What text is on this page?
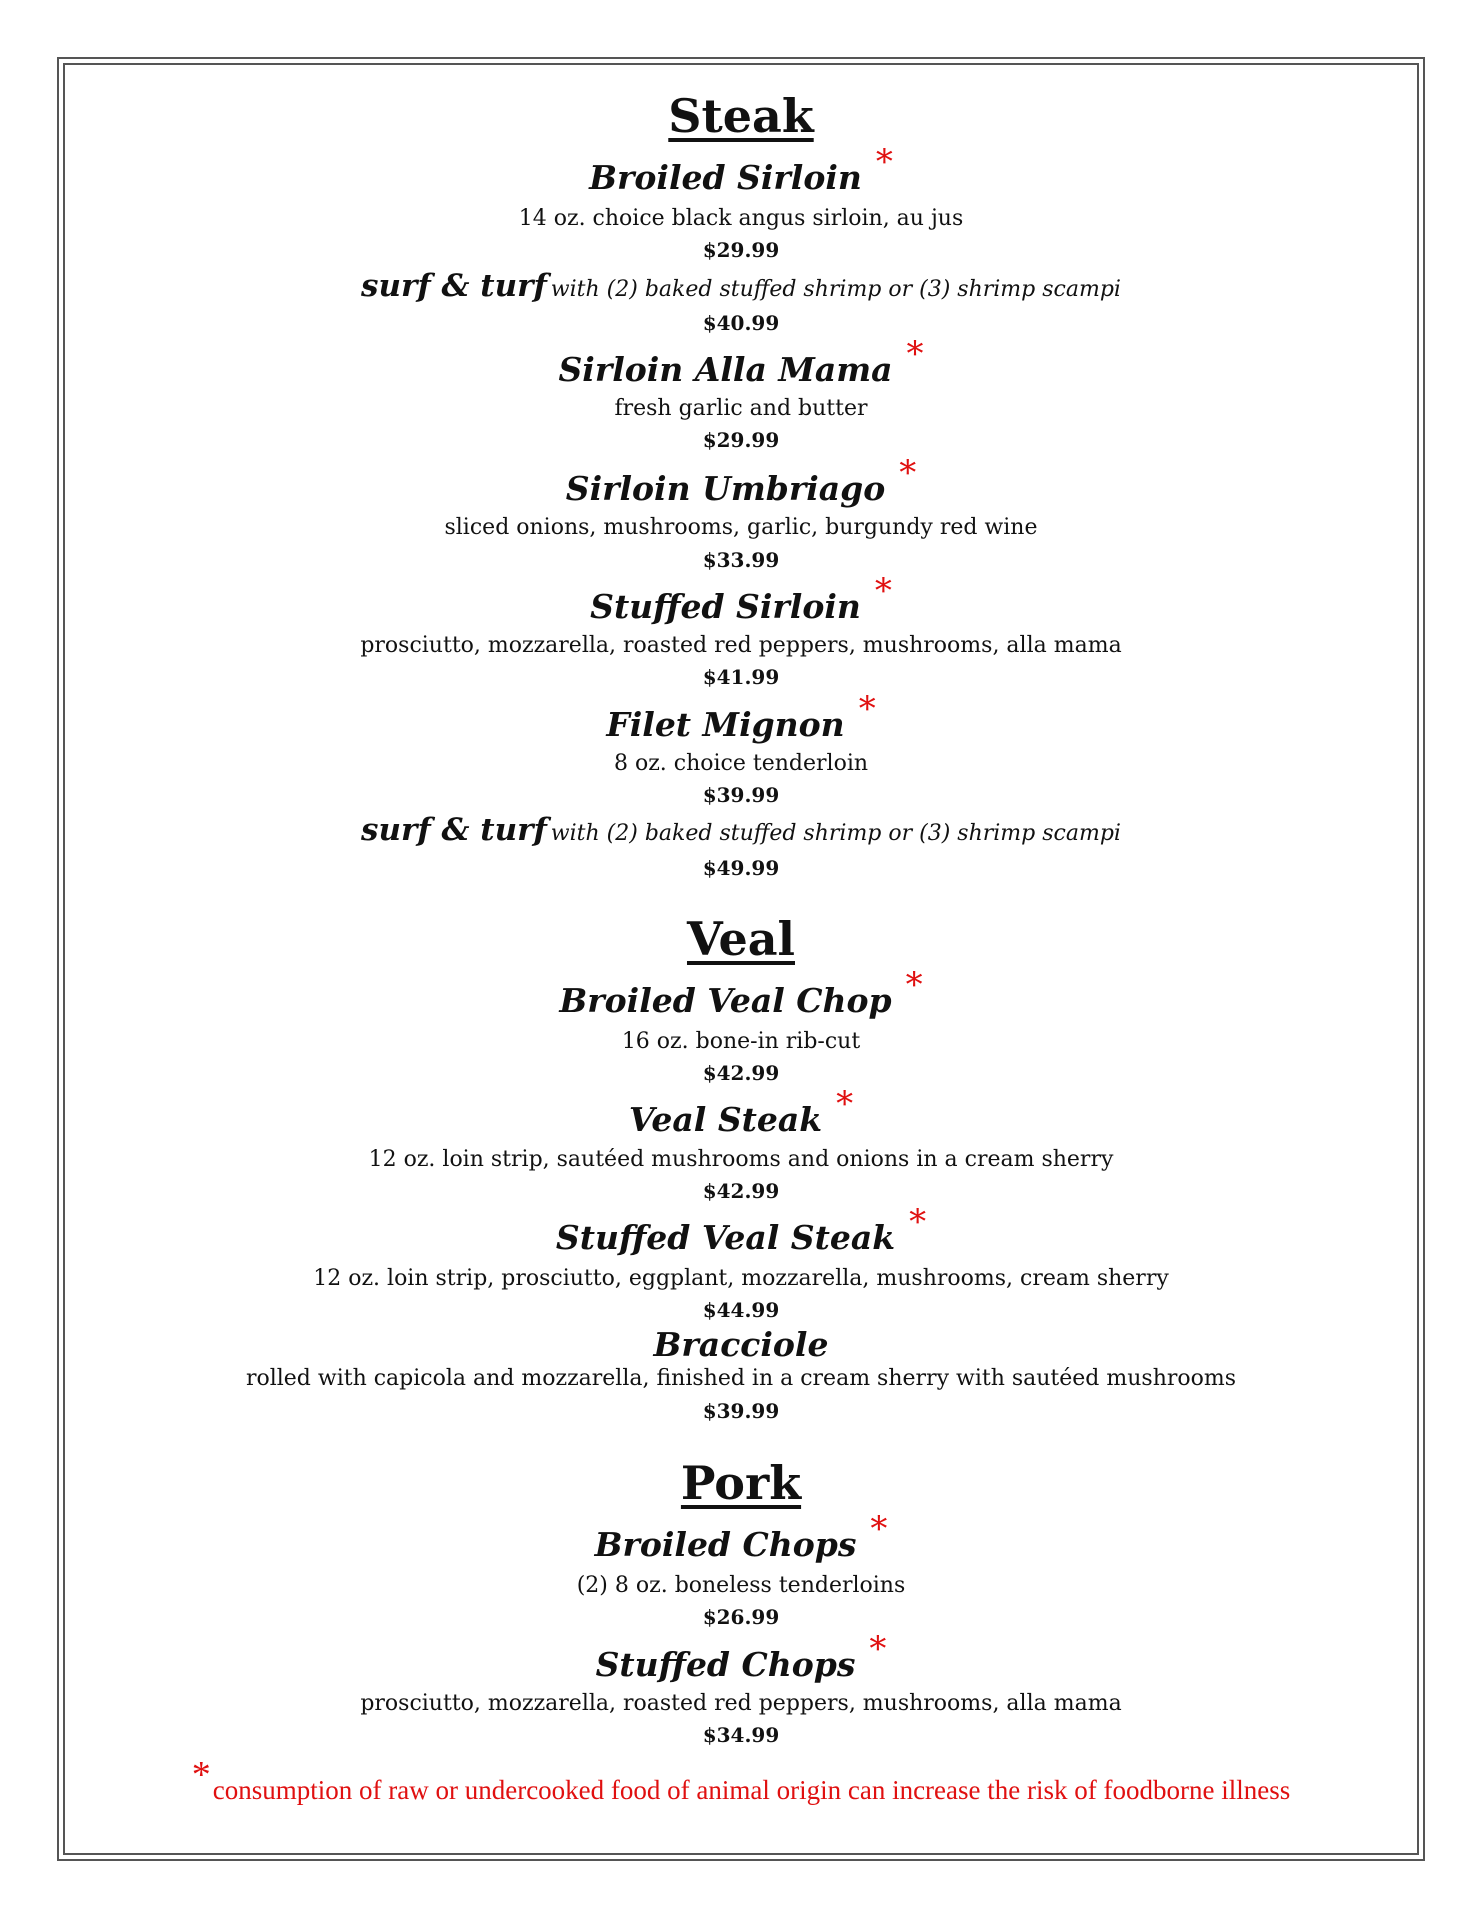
Steak
Broiled Sirloin *
14 oz. choice black angus sirloin, au jus
$29.99
surf & turf with (2) baked stuffed shrimp or (3) shrimp scampi
$40.99
Sirloin Alla Mama *
fresh garlic and butter
$29.99
Sirloin Umbriago *
sliced onions, mushrooms, garlic, burgundy red wine
$33.99
Stuffed Sirloin *
prosciutto, mozzarella, roasted red peppers, mushrooms, alla mama
$41.99
Filet Mignon *
8 oz. choice tenderloin
$39.99
surf & turf with (2) baked stuffed shrimp or (3) shrimp scampi
$49.99
Veal
Broiled Veal Chop *
16 oz. bone-in rib-cut
$42.99
Veal Steak *
12 oz. loin strip, sautéed mushrooms and onions in a cream sherry
$42.99
Stuffed Veal Steak *
12 oz. loin strip, prosciutto, eggplant, mozzarella, mushrooms, cream sherry
$44.99
Bracciole
rolled with capicola and mozzarella, finished in a cream sherry with sautéed mushrooms
$39.99
Pork
Broiled Chops *
(2) 8 oz. boneless tenderloins
$26.99
Stuffed Chops *
prosciutto, mozzarella, roasted red peppers, mushrooms, alla mama
$34.99
*consumption of raw or undercooked food of animal origin can increase the risk of foodborne illness
